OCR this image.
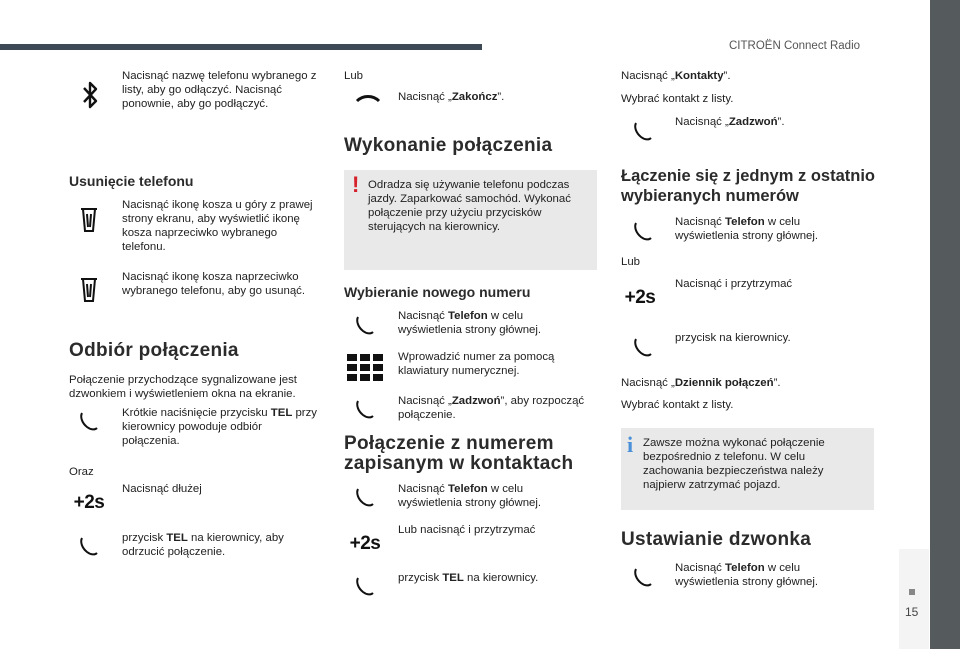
CITROËN Connect Radio
15
Nacisnąć nazwę telefonu wybranego z listy, aby go odłączyć. Nacisnąć ponownie, aby go podłączyć.
Usunięcie telefonu
Nacisnąć ikonę kosza u góry z prawej strony ekranu, aby wyświetlić ikonę kosza naprzeciwko wybranego telefonu.
Nacisnąć ikonę kosza naprzeciwko wybranego telefonu, aby go usunąć.
Odbiór połączenia
Połączenie przychodzące sygnalizowane jest dzwonkiem i wyświetleniem okna na ekranie.
Krótkie naciśnięcie przycisku TEL przy kierownicy powoduje odbiór połączenia.
Oraz
+2s
Nacisnąć dłużej
przycisk TEL na kierownicy, aby odrzucić połączenie.
Lub
Nacisnąć „Zakończ”.
Wykonanie połączenia
! Odradza się używanie telefonu podczas jazdy. Zaparkować samochód. Wykonać połączenie przy użyciu przycisków sterujących na kierownicy.
Wybieranie nowego numeru
Nacisnąć Telefon w celu wyświetlenia strony głównej.
Wprowadzić numer za pomocą klawiatury numerycznej.
Nacisnąć „Zadzwoń”, aby rozpocząć połączenie.
Połączenie z numerem
zapisanym w kontaktach
Nacisnąć Telefon w celu wyświetlenia strony głównej.
+2s
Lub nacisnąć i przytrzymać
przycisk TEL na kierownicy.
Nacisnąć „Kontakty”.
Wybrać kontakt z listy.
Nacisnąć „Zadzwoń”.
Łączenie się z jednym z ostatnio
wybieranych numerów
Nacisnąć Telefon w celu wyświetlenia strony głównej.
Lub
+2s
Nacisnąć i przytrzymać
przycisk na kierownicy.
Nacisnąć „Dziennik połączeń”.
Wybrać kontakt z listy.
i Zawsze można wykonać połączenie bezpośrednio z telefonu. W celu zachowania bezpieczeństwa należy najpierw zatrzymać pojazd.
Ustawianie dzwonka
Nacisnąć Telefon w celu wyświetlenia strony głównej.
